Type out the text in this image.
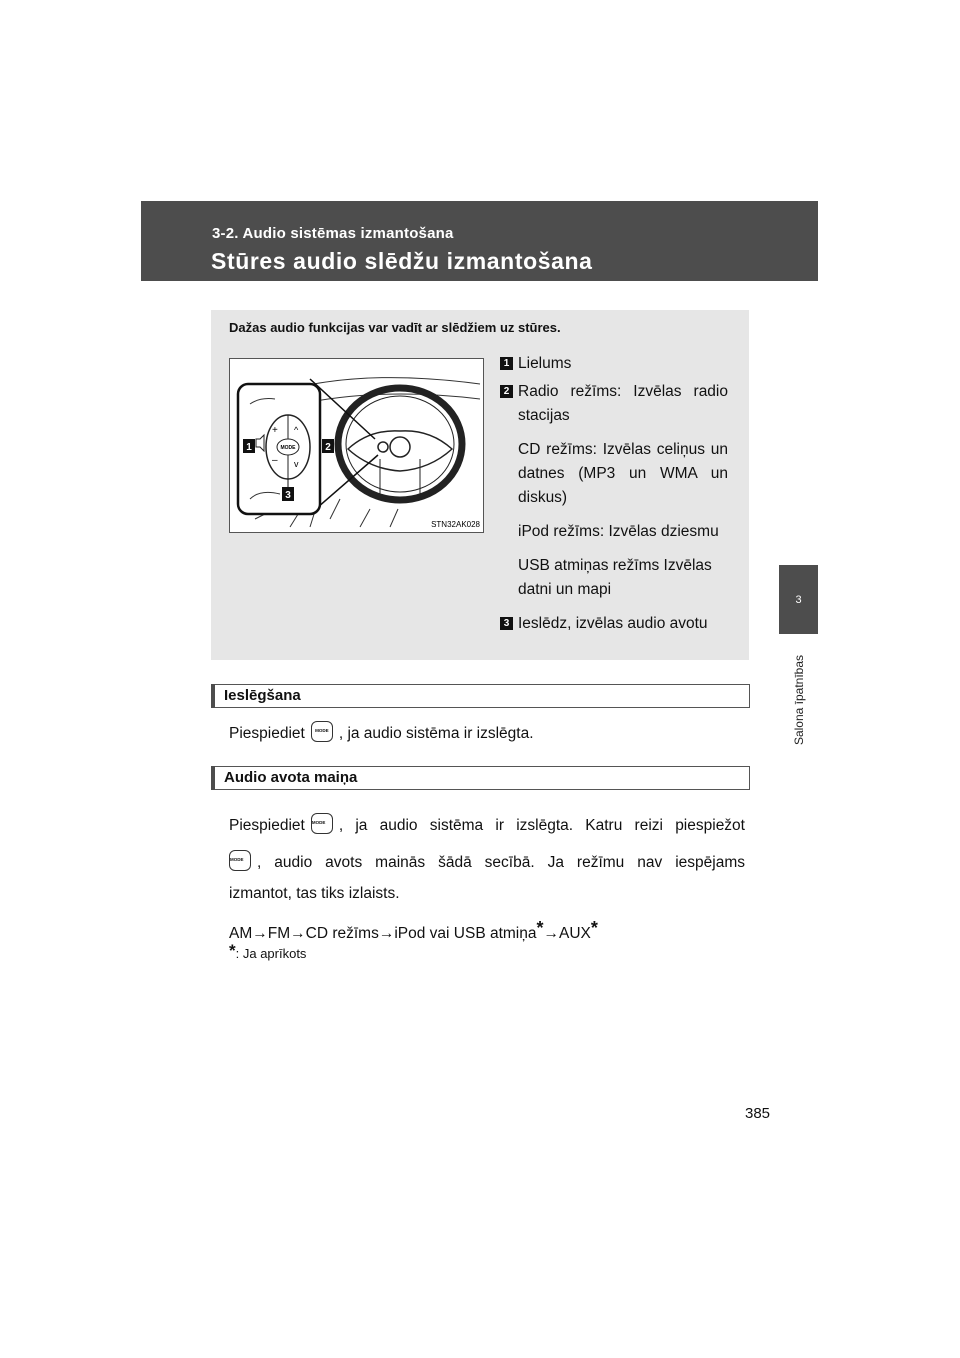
3-2. Audio sistēmas izmantošana
Stūres audio slēdžu izmantošana
3
Salona īpatnības
Dažas audio funkcijas var vadīt ar slēdžiem uz stūres.
+
–
^
v
MODE
1	2
3
STN32AK028
1 Lielums
2 Radio režīms: Izvēlas radio stacijas
CD režīms: Izvēlas celiņus un datnes (MP3 un WMA un diskus)
iPod režīms: Izvēlas dziesmu
USB atmiņas režīms Izvēlas datni un mapi
3 Ieslēdz, izvēlas audio avotu
Ieslēgšana
Piespiediet	MODE , ja audio sistēma ir izslēgta.
Audio avota maiņa
Piespiediet MODE , ja audio sistēma ir izslēgta. Katru reizi piespiežot
MODE , audio avots mainās šādā secībā. Ja režīmu nav iespējams
izmantot, tas tiks izlaists.
AM→FM→CD režīms→iPod vai USB atmiņa*→AUX*
*: Ja aprīkots
385
